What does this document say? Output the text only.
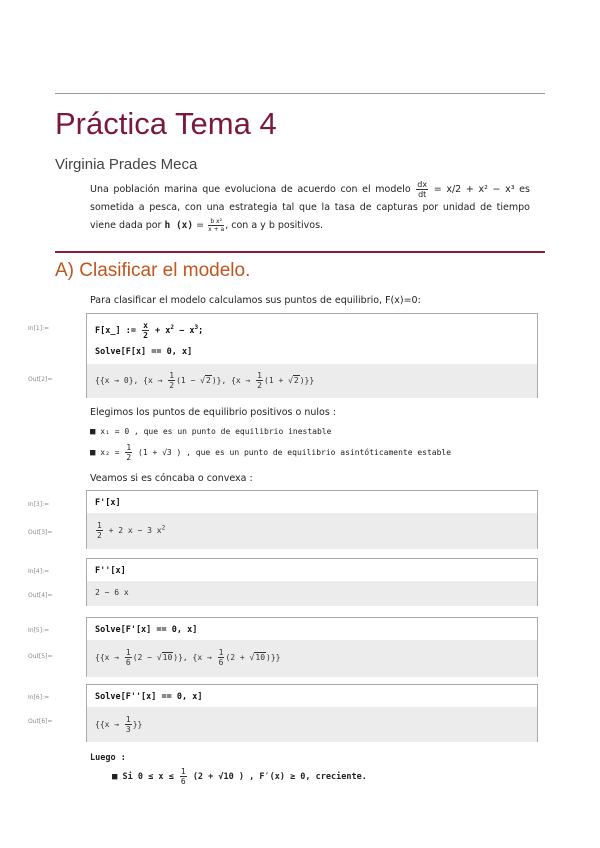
Práctica Tema 4
Virginia Prades Meca
Una población marina que evoluciona de acuerdo con el modelo $\frac{dx}{dt} = x/2 + x^2 - x^3$ es sometida a pesca, con una estrategia tal que la tasa de capturas por unidad de tiempo viene dada por h $(x) = \frac{\text{b x²}}{x + a}$ , con a y b positivos.
A) Clasificar el modelo.
Para clasificar el modelo calculamos sus puntos de equilibrio, F(x)=0:
In[1]:=
Out[2]=
F[x_] := $\frac{x}{2} + x^2 - x^3$;
Solve[F[x] == 0, x]
{{x → 0}, $\{x \to \frac{1}{2} (1 - √2)\}$, $\{x \to \frac{1}{2} (1 + √2)\}$}
Elegimos los puntos de equilibrio positivos o nulos :
■ x₁ = 0 , que es un punto de equilibrio inestable
■ $x_2 = \frac{1}{2} (1 + √3$ ) , que es un punto de equilibrio asintóticamente estable
Veamos si es cóncaba o convexa :
In[3]:=
Out[3]=
F'[x]
$\frac{1}{2} + 2$ x − 3 $x^2$
In[4]:=
Out[4]=
F''[x]
2 − 6 x
In[5]:=
Out[5]=
Solve[F'[x] == 0, x]
{$\{x \to \frac{1}{6} (2 - √10)\}$, $\{x \to \frac{1}{6} (2 + √10)\}$}
In[6]:=
Out[6]=
Solve[F''[x] == 0, x]
{{$x \to \frac{1}{3}$ }}
Luego :
■ Si $0 \le x \le \frac{1}{6} (2 + √10$ ) , F′(x) ≥ 0, creciente.
